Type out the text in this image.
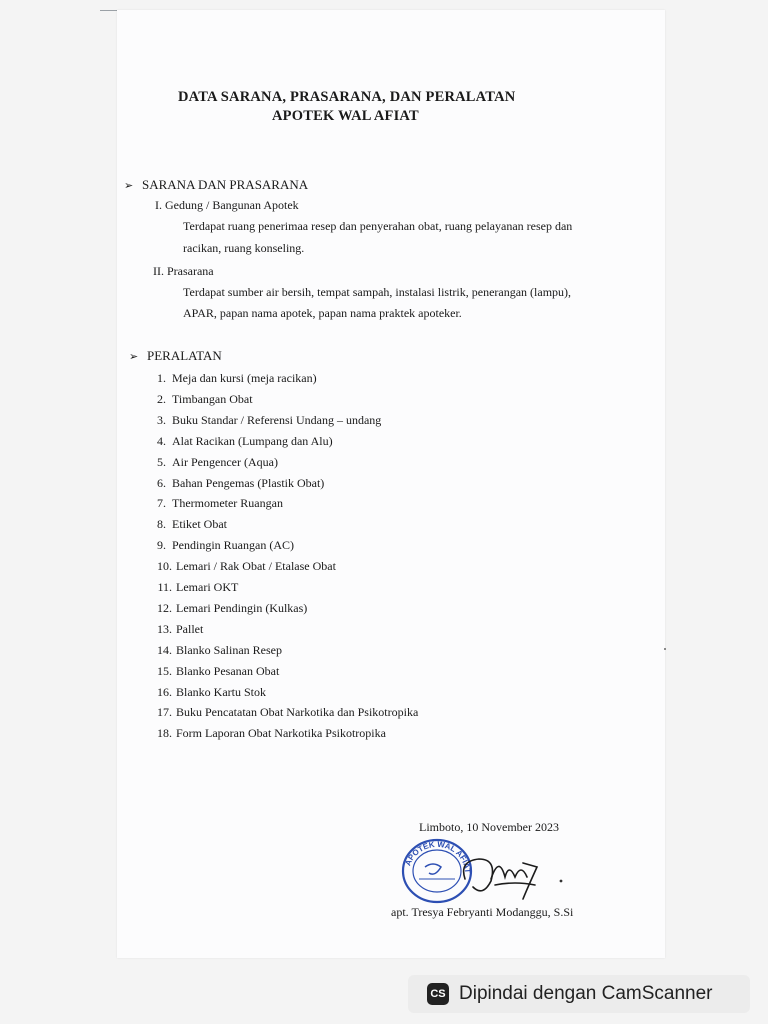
DATA SARANA, PRASARANA, DAN PERALATAN
APOTEK WAL AFIAT
➢ SARANA DAN PRASARANA
I. Gedung / Bangunan Apotek
Terdapat ruang penerimaa resep dan penyerahan obat, ruang pelayanan resep dan
racikan, ruang konseling.
II. Prasarana
Terdapat sumber air bersih, tempat sampah, instalasi listrik, penerangan (lampu),
APAR, papan nama apotek, papan nama praktek apoteker.
➢ PERALATAN
1. Meja dan kursi (meja racikan)
2. Timbangan Obat
3. Buku Standar / Referensi Undang – undang
4. Alat Racikan (Lumpang dan Alu)
5. Air Pengencer (Aqua)
6. Bahan Pengemas (Plastik Obat)
7. Thermometer Ruangan
8. Etiket Obat
9. Pendingin Ruangan (AC)
10. Lemari / Rak Obat / Etalase Obat
11. Lemari OKT
12. Lemari Pendingin (Kulkas)
13. Pallet
14. Blanko Salinan Resep
15. Blanko Pesanan Obat
16. Blanko Kartu Stok
17. Buku Pencatatan Obat Narkotika dan Psikotropika
18. Form Laporan Obat Narkotika Psikotropika
Limboto, 10 November 2023
APOTEK WAL AFIAT
apt. Tresya Febryanti Modanggu, S.Si
CS Dipindai dengan CamScanner
